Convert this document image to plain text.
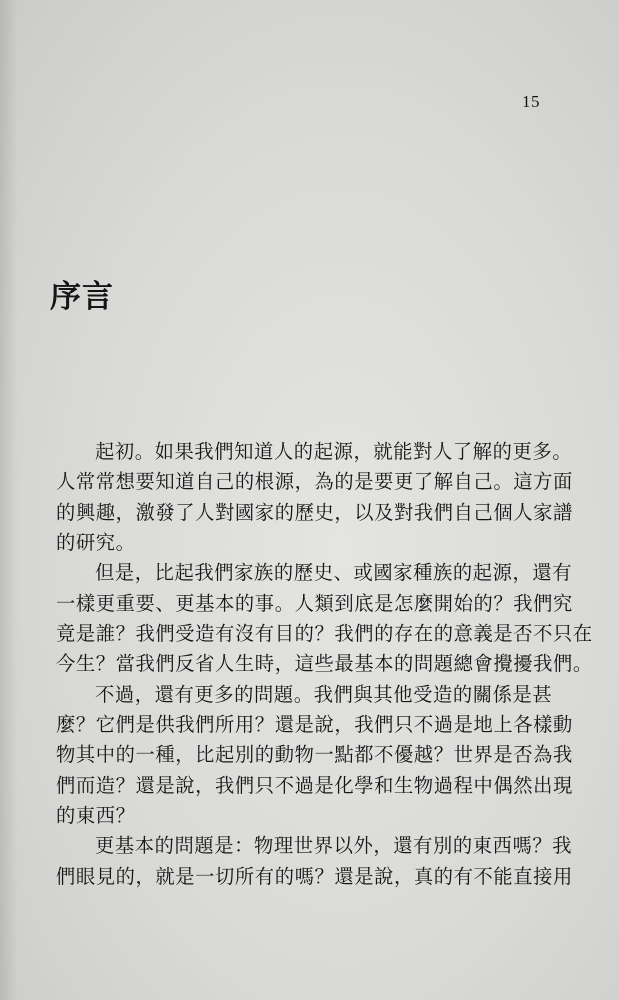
15
序言
起初。如果我們知道人的起源，就能對人了解的更多。
人常常想要知道自己的根源，為的是要更了解自己。這方面
的興趣，激發了人對國家的歷史，以及對我們自己個人家譜
的研究。
但是，比起我們家族的歷史、或國家種族的起源，還有
一樣更重要、更基本的事。人類到底是怎麼開始的？我們究
竟是誰？我們受造有沒有目的？我們的存在的意義是否不只在
今生？當我們反省人生時，這些最基本的問題總會攪擾我們。
不過，還有更多的問題。我們與其他受造的關係是甚
麼？它們是供我們所用？還是說，我們只不過是地上各樣動
物其中的一種，比起別的動物一點都不優越？世界是否為我
們而造？還是說，我們只不過是化學和生物過程中偶然出現
的東西？
更基本的問題是：物理世界以外，還有別的東西嗎？我
們眼見的，就是一切所有的嗎？還是說，真的有不能直接用
